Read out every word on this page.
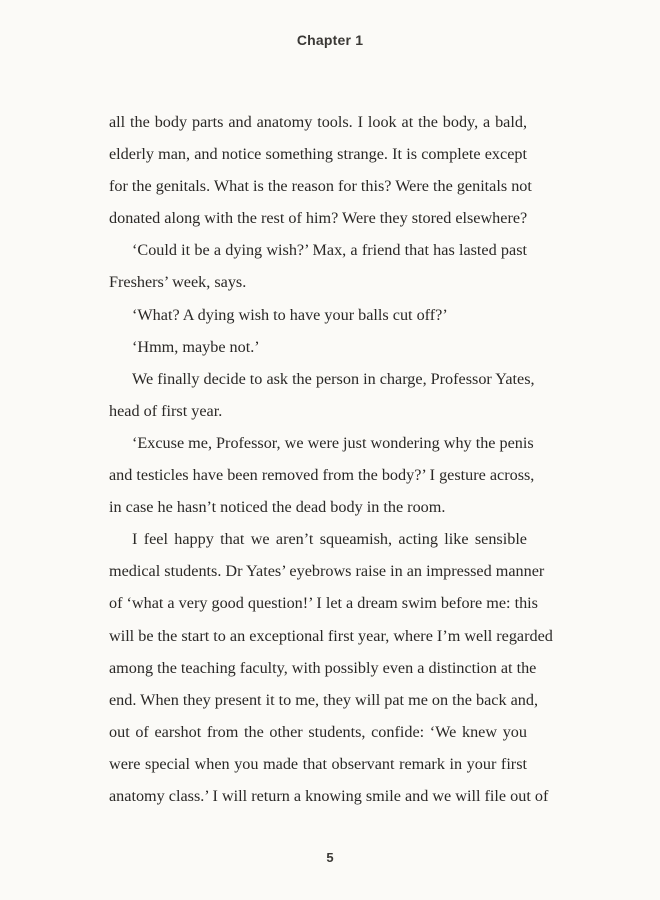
Chapter 1
all the body parts and anatomy tools. I look at the body, a bald,
elderly man, and notice something strange. It is complete except
for the genitals. What is the reason for this? Were the genitals not
donated along with the rest of him? Were they stored elsewhere?
‘Could it be a dying wish?’ Max, a friend that has lasted past
Freshers’ week, says.
‘What? A dying wish to have your balls cut off?’
‘Hmm, maybe not.’
We finally decide to ask the person in charge, Professor Yates,
head of first year.
‘Excuse me, Professor, we were just wondering why the penis
and testicles have been removed from the body?’ I gesture across,
in case he hasn’t noticed the dead body in the room.
I feel happy that we aren’t squeamish, acting like sensible
medical students. Dr Yates’ eyebrows raise in an impressed manner
of ‘what a very good question!’ I let a dream swim before me: this
will be the start to an exceptional first year, where I’m well regarded
among the teaching faculty, with possibly even a distinction at the
end. When they present it to me, they will pat me on the back and,
out of earshot from the other students, confide: ‘We knew you
were special when you made that observant remark in your first
anatomy class.’ I will return a knowing smile and we will file out of
5
